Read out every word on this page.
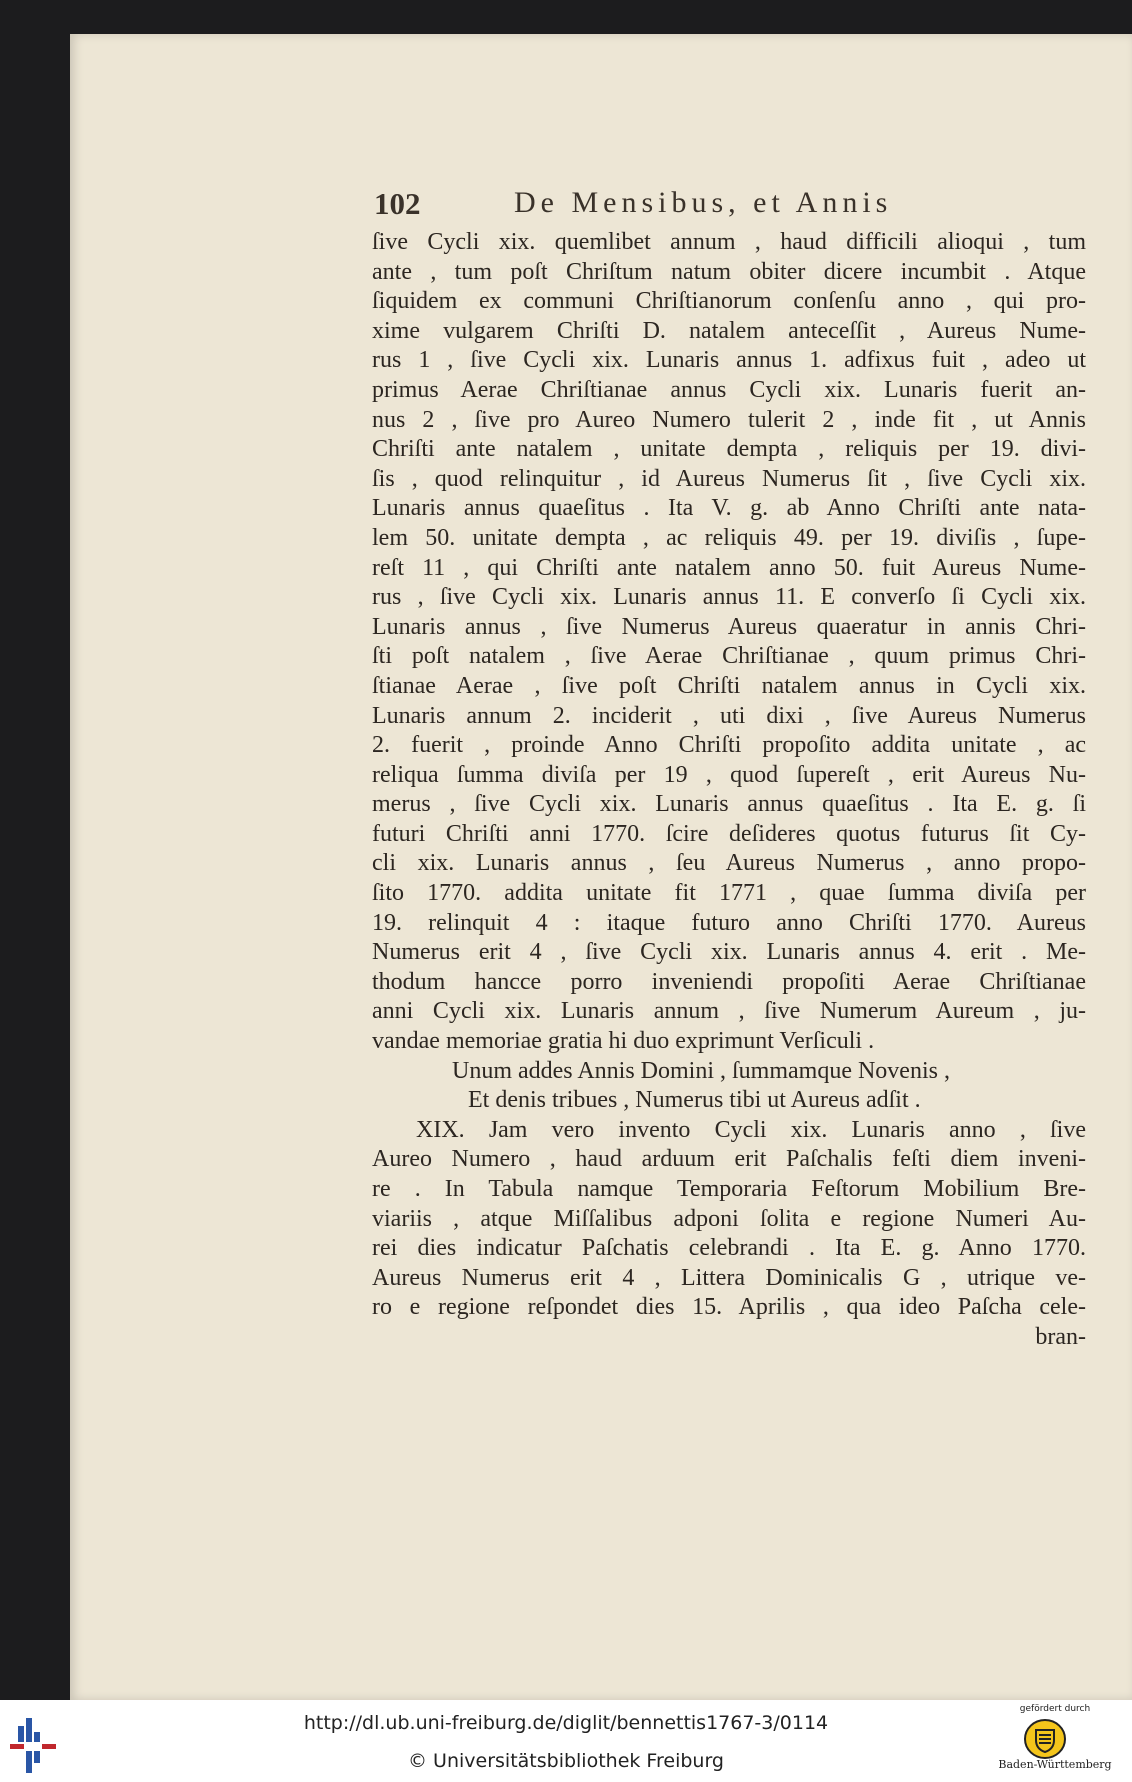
102	De Mensibus, et Annis
ſive Cycli xix. quemlibet annum , haud difficili alioqui , tum
ante , tum poſt Chriſtum natum obiter dicere incumbit . Atque
ſiquidem ex communi Chriſtianorum conſenſu anno , qui pro-
xime vulgarem Chriſti D. natalem anteceſſit , Aureus Nume-
rus 1 , ſive Cycli xix. Lunaris annus 1. adfixus fuit , adeo ut
primus Aerae Chriſtianae annus Cycli xix. Lunaris fuerit an-
nus 2 , ſive pro Aureo Numero tulerit 2 , inde fit , ut Annis
Chriſti ante natalem , unitate dempta , reliquis per 19. divi-
ſis , quod relinquitur , id Aureus Numerus ſit , ſive Cycli xix.
Lunaris annus quaeſitus . Ita V. g. ab Anno Chriſti ante nata-
lem 50. unitate dempta , ac reliquis 49. per 19. diviſis , ſupe-
reſt 11 , qui Chriſti ante natalem anno 50. fuit Aureus Nume-
rus , ſive Cycli xix. Lunaris annus 11. E converſo ſi Cycli xix.
Lunaris annus , ſive Numerus Aureus quaeratur in annis Chri-
ſti poſt natalem , ſive Aerae Chriſtianae , quum primus Chri-
ſtianae Aerae , ſive poſt Chriſti natalem annus in Cycli xix.
Lunaris annum 2. inciderit , uti dixi , ſive Aureus Numerus
2. fuerit , proinde Anno Chriſti propoſito addita unitate , ac
reliqua ſumma diviſa per 19 , quod ſupereſt , erit Aureus Nu-
merus , ſive Cycli xix. Lunaris annus quaeſitus . Ita E. g. ſi
futuri Chriſti anni 1770. ſcire deſideres quotus futurus ſit Cy-
cli xix. Lunaris annus , ſeu Aureus Numerus , anno propo-
ſito 1770. addita unitate fit 1771 , quae ſumma diviſa per
19. relinquit 4 : itaque futuro anno Chriſti 1770. Aureus
Numerus erit 4 , ſive Cycli xix. Lunaris annus 4. erit . Me-
thodum hancce porro inveniendi propoſiti Aerae Chriſtianae
anni Cycli xix. Lunaris annum , ſive Numerum Aureum , ju-
vandae memoriae gratia hi duo exprimunt Verſiculi .
Unum addes Annis Domini , ſummamque Novenis ,
Et denis tribues , Numerus tibi ut Aureus adſit .
XIX. Jam vero invento Cycli xix. Lunaris anno , ſive
Aureo Numero , haud arduum erit Paſchalis feſti diem inveni-
re . In Tabula namque Temporaria Feſtorum Mobilium Bre-
viariis , atque Miſſalibus adponi ſolita e regione Numeri Au-
rei dies indicatur Paſchatis celebrandi . Ita E. g. Anno 1770.
Aureus Numerus erit 4 , Littera Dominicalis G , utrique ve-
ro e regione reſpondet dies 15. Aprilis , qua ideo Paſcha cele-
bran-
http://dl.ub.uni-freiburg.de/diglit/bennettis1767-3/0114
© Universitätsbibliothek Freiburg
gefördert durch
Baden-Württemberg
